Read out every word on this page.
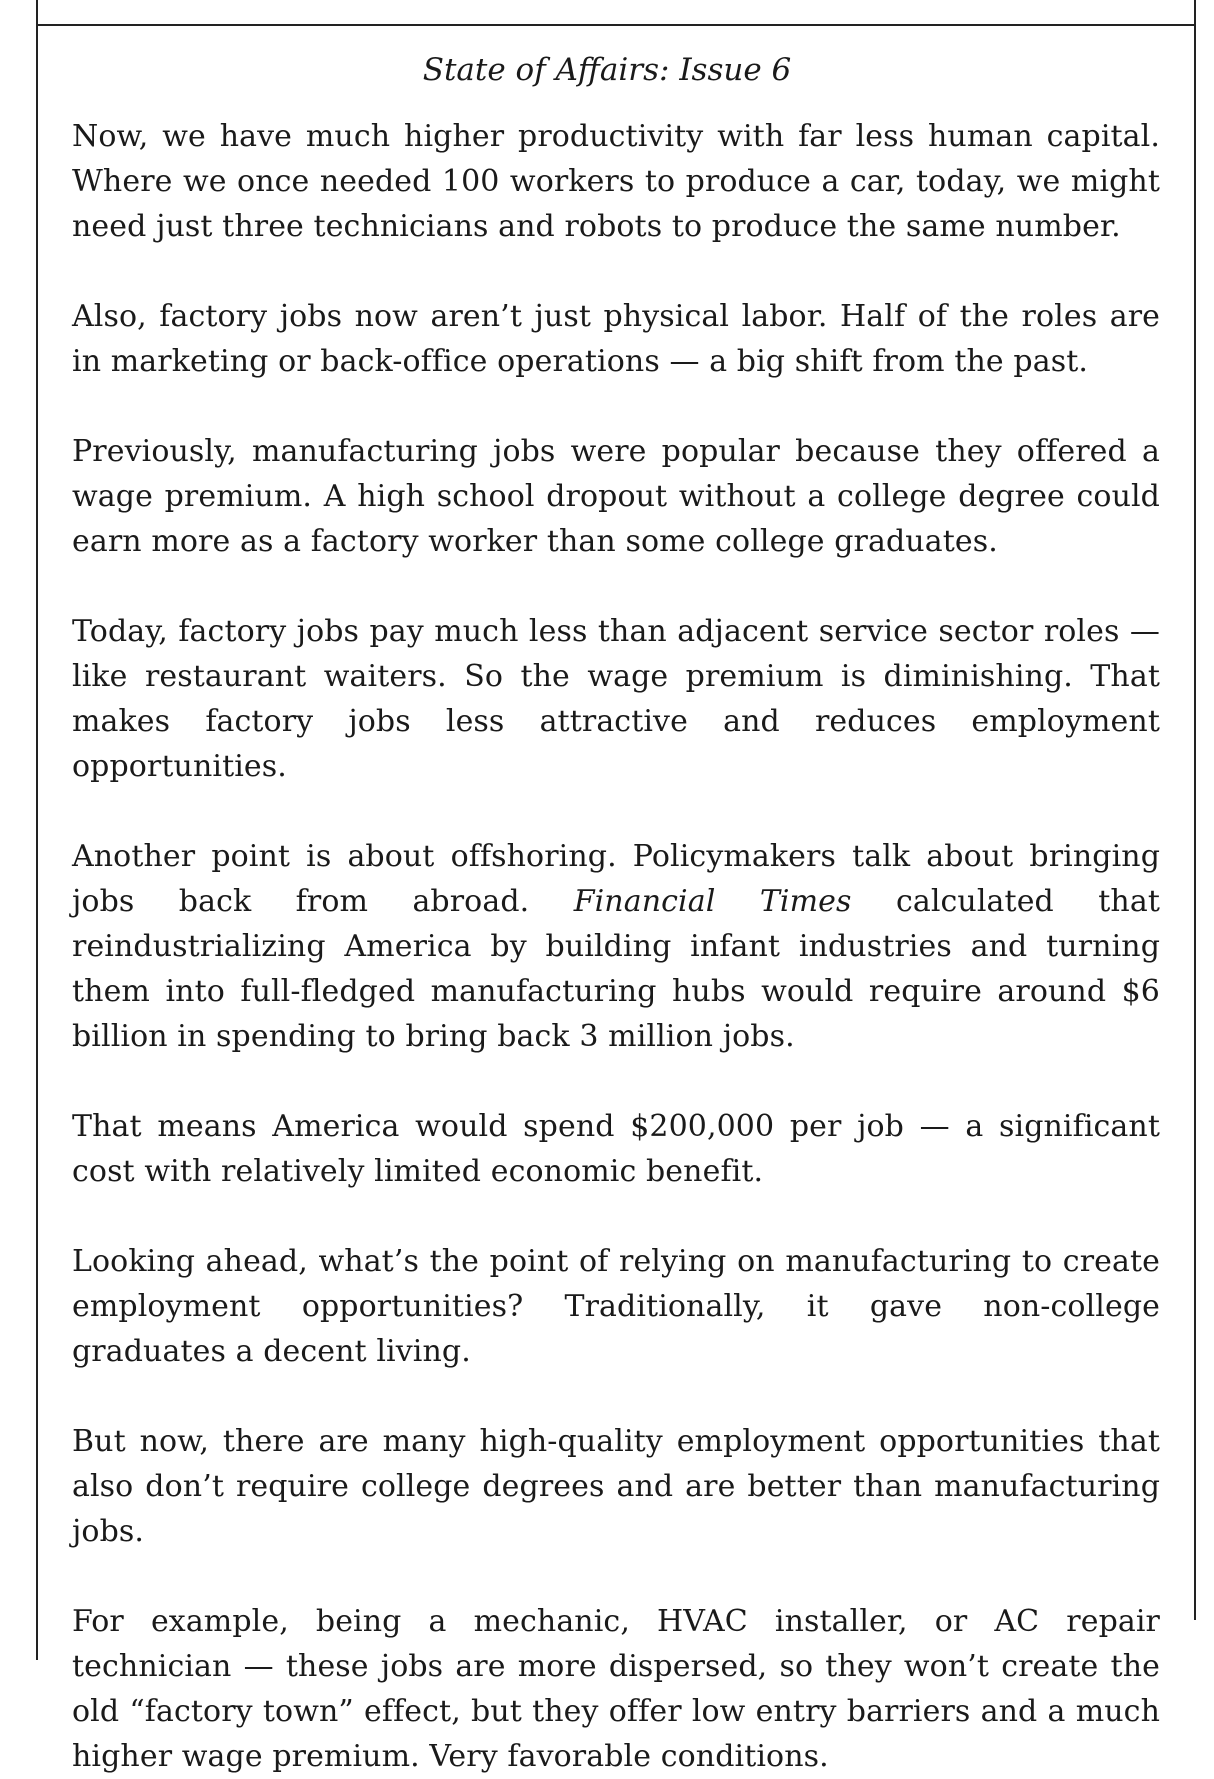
State of Affairs: Issue 6

Now, we have much higher productivity with far less human capital. Where we once needed 100 workers to produce a car, today, we might need just three technicians and robots to produce the same number.

Also, factory jobs now aren’t just physical labor. Half of the roles are in marketing or back-office operations — a big shift from the past.

Previously, manufacturing jobs were popular because they offered a wage premium. A high school dropout without a college degree could earn more as a factory worker than some college graduates.

Today, factory jobs pay much less than adjacent service sector roles — like restaurant waiters. So the wage premium is diminishing. That makes factory jobs less attractive and reduces employment opportunities.

Another point is about offshoring. Policymakers talk about bringing jobs back from abroad. Financial Times calculated that reindustrializing America by building infant industries and turning them into full-fledged manufacturing hubs would require around $6 billion in spending to bring back 3 million jobs.

That means America would spend $200,000 per job — a significant cost with relatively limited economic benefit.

Looking ahead, what’s the point of relying on manufacturing to create employment opportunities? Traditionally, it gave non-college graduates a decent living.

But now, there are many high-quality employment opportunities that also don’t require college degrees and are better than manufacturing jobs.

For example, being a mechanic, HVAC installer, or AC repair technician — these jobs are more dispersed, so they won’t create the old “factory town” effect, but they offer low entry barriers and a much higher wage premium. Very favorable conditions.
